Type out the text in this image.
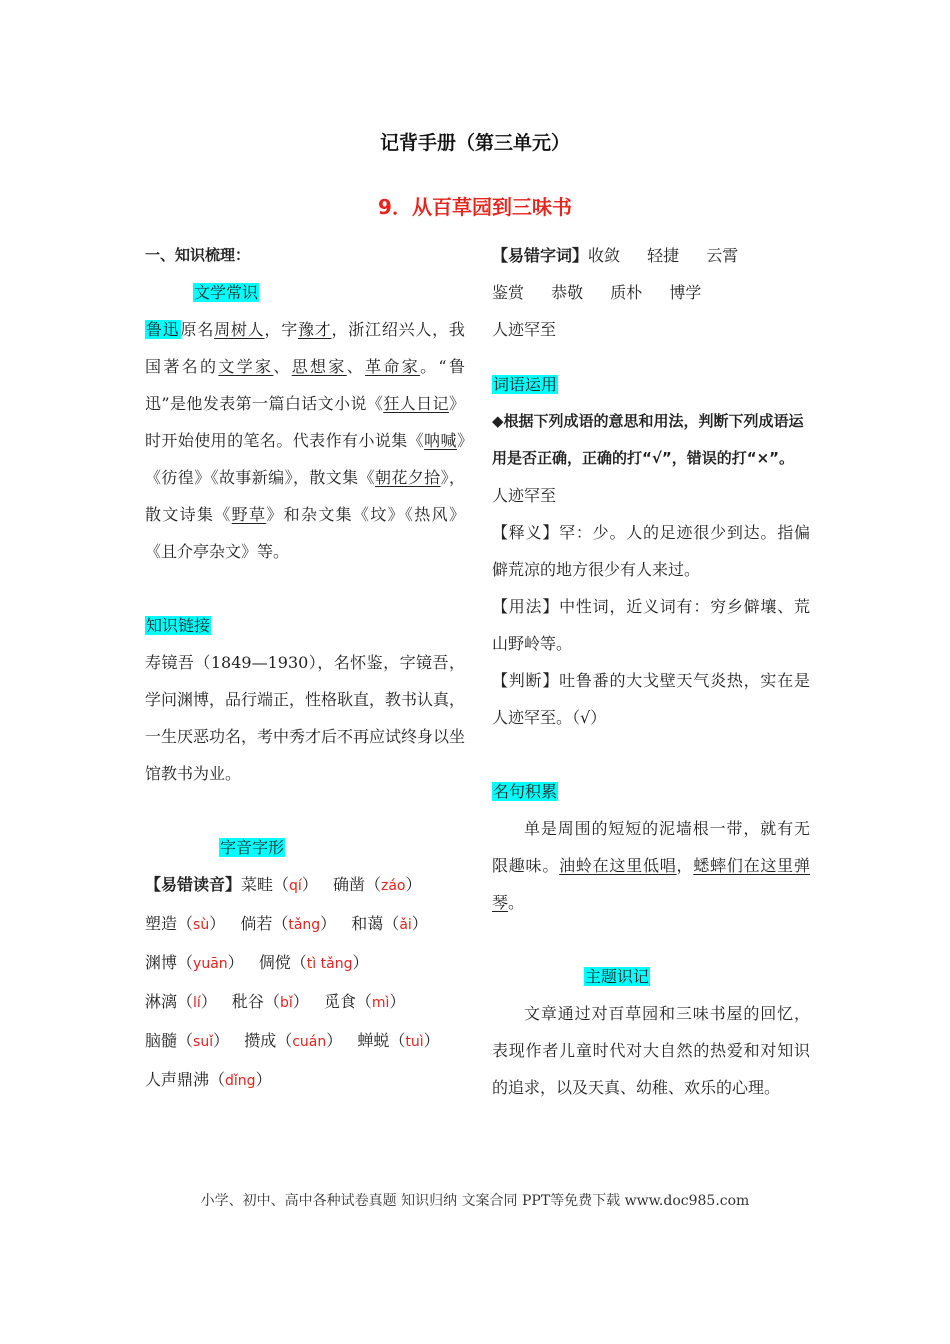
记背手册（第三单元）
9．从百草园到三味书

一、知识梳理：

文学常识

鲁迅原名周树人，字豫才，浙江绍兴人，我国著名的文学家、思想家、革命家。“鲁迅”是他发表第一篇白话文小说《狂人日记》时开始使用的笔名。代表作有小说集《呐喊》《彷徨》《故事新编》，散文集《朝花夕拾》，散文诗集《野草》和杂文集《坟》《热风》《且介亭杂文》等。

知识链接

寿镜吾（1849—1930），名怀鉴，字镜吾，学问渊博，品行端正，性格耿直，教书认真，一生厌恶功名，考中秀才后不再应试终身以坐馆教书为业。

字音字形

【易错读音】菜畦（qí） 确凿（záo） 塑造（sù） 倘若（tǎng） 和蔼（ǎi） 渊博（yuān） 倜傥（tì tǎng） 淋漓（lí） 秕谷（bǐ） 觅食（mì） 脑髓（suǐ） 攒成（cuán） 蝉蜕（tuì） 人声鼎沸（dǐng）

【易错字词】收敛 轻捷 云霄 鉴赏 恭敬 质朴 博学 人迹罕至

词语运用

◆根据下列成语的意思和用法，判断下列成语运用是否正确，正确的打“√”，错误的打“×”。

人迹罕至

【释义】罕：少。人的足迹很少到达。指偏僻荒凉的地方很少有人来过。

【用法】中性词，近义词有：穷乡僻壤、荒山野岭等。

【判断】吐鲁番的大戈壁天气炎热，实在是人迹罕至。（√）

名句积累

单是周围的短短的泥墙根一带，就有无限趣味。油蛉在这里低唱，蟋蟀们在这里弹琴。

主题识记

文章通过对百草园和三味书屋的回忆，表现作者儿童时代对大自然的热爱和对知识的追求，以及天真、幼稚、欢乐的心理。

小学、初中、高中各种试卷真题 知识归纳 文案合同 PPT等免费下载 www.doc985.com
